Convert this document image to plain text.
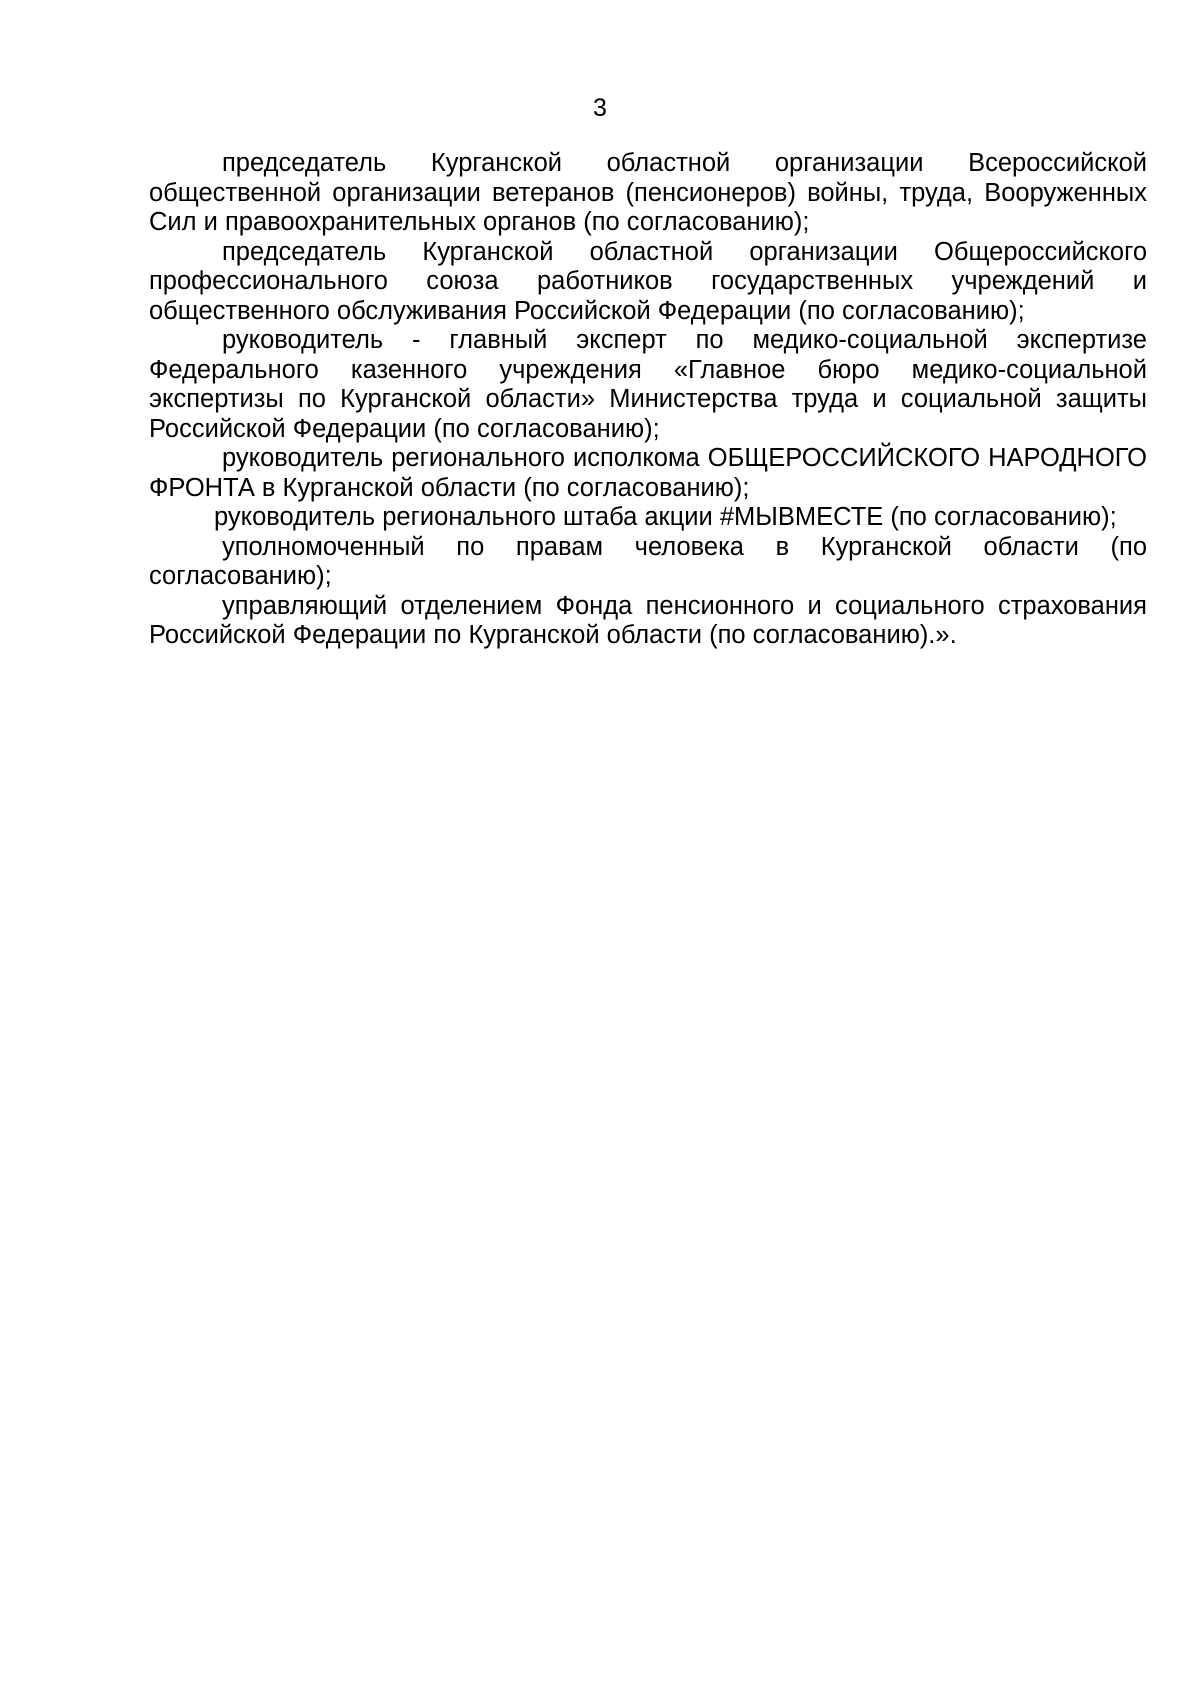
3

председатель Курганской областной организации Всероссийской общественной организации ветеранов (пенсионеров) войны, труда, Вооруженных Сил и правоохранительных органов (по согласованию);

председатель Курганской областной организации Общероссийского профессионального союза работников государственных учреждений и общественного обслуживания Российской Федерации (по согласованию);

руководитель - главный эксперт по медико-социальной экспертизе Федерального казенного учреждения «Главное бюро медико-социальной экспертизы по Курганской области» Министерства труда и социальной защиты Российской Федерации (по согласованию);

руководитель регионального исполкома ОБЩЕРОССИЙСКОГО НАРОДНОГО ФРОНТА в Курганской области (по согласованию);

руководитель регионального штаба акции #МЫВМЕСТЕ (по согласованию);

уполномоченный по правам человека в Курганской области (по согласованию);

управляющий отделением Фонда пенсионного и социального страхования Российской Федерации по Курганской области (по согласованию).».
